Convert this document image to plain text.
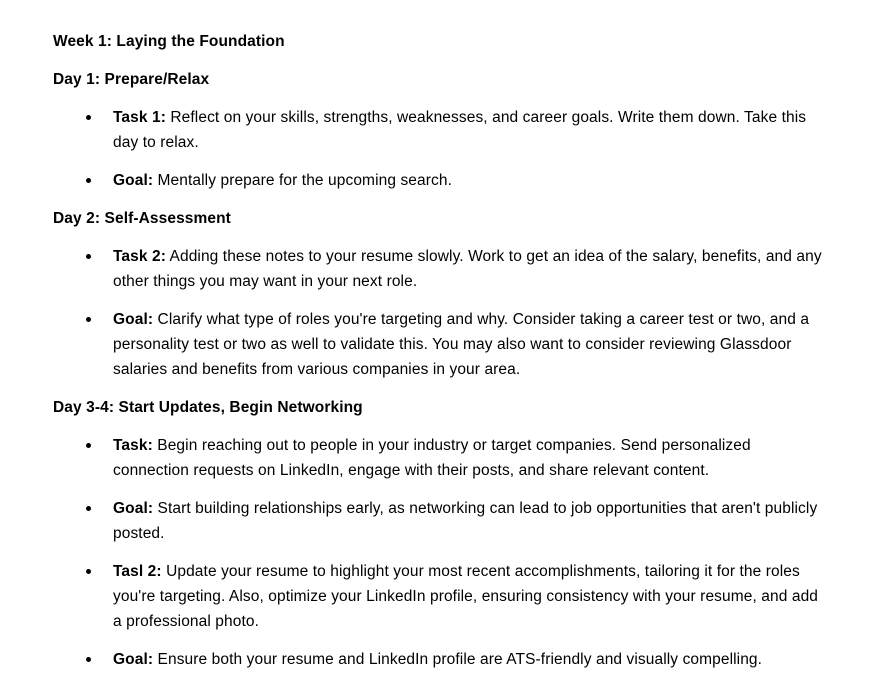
Week 1: Laying the Foundation

Day 1: Prepare/Relax

Task 1: Reflect on your skills, strengths, weaknesses, and career goals. Write them down. Take this day to relax.

Goal: Mentally prepare for the upcoming search.

Day 2: Self-Assessment

Task 2: Adding these notes to your resume slowly. Work to get an idea of the salary, benefits, and any other things you may want in your next role.

Goal: Clarify what type of roles you're targeting and why. Consider taking a career test or two, and a personality test or two as well to validate this. You may also want to consider reviewing Glassdoor salaries and benefits from various companies in your area.

Day 3-4: Start Updates, Begin Networking

Task: Begin reaching out to people in your industry or target companies. Send personalized connection requests on LinkedIn, engage with their posts, and share relevant content.

Goal: Start building relationships early, as networking can lead to job opportunities that aren't publicly posted.

Tasl 2: Update your resume to highlight your most recent accomplishments, tailoring it for the roles you're targeting. Also, optimize your LinkedIn profile, ensuring consistency with your resume, and add a professional photo.

Goal: Ensure both your resume and LinkedIn profile are ATS-friendly and visually compelling.
